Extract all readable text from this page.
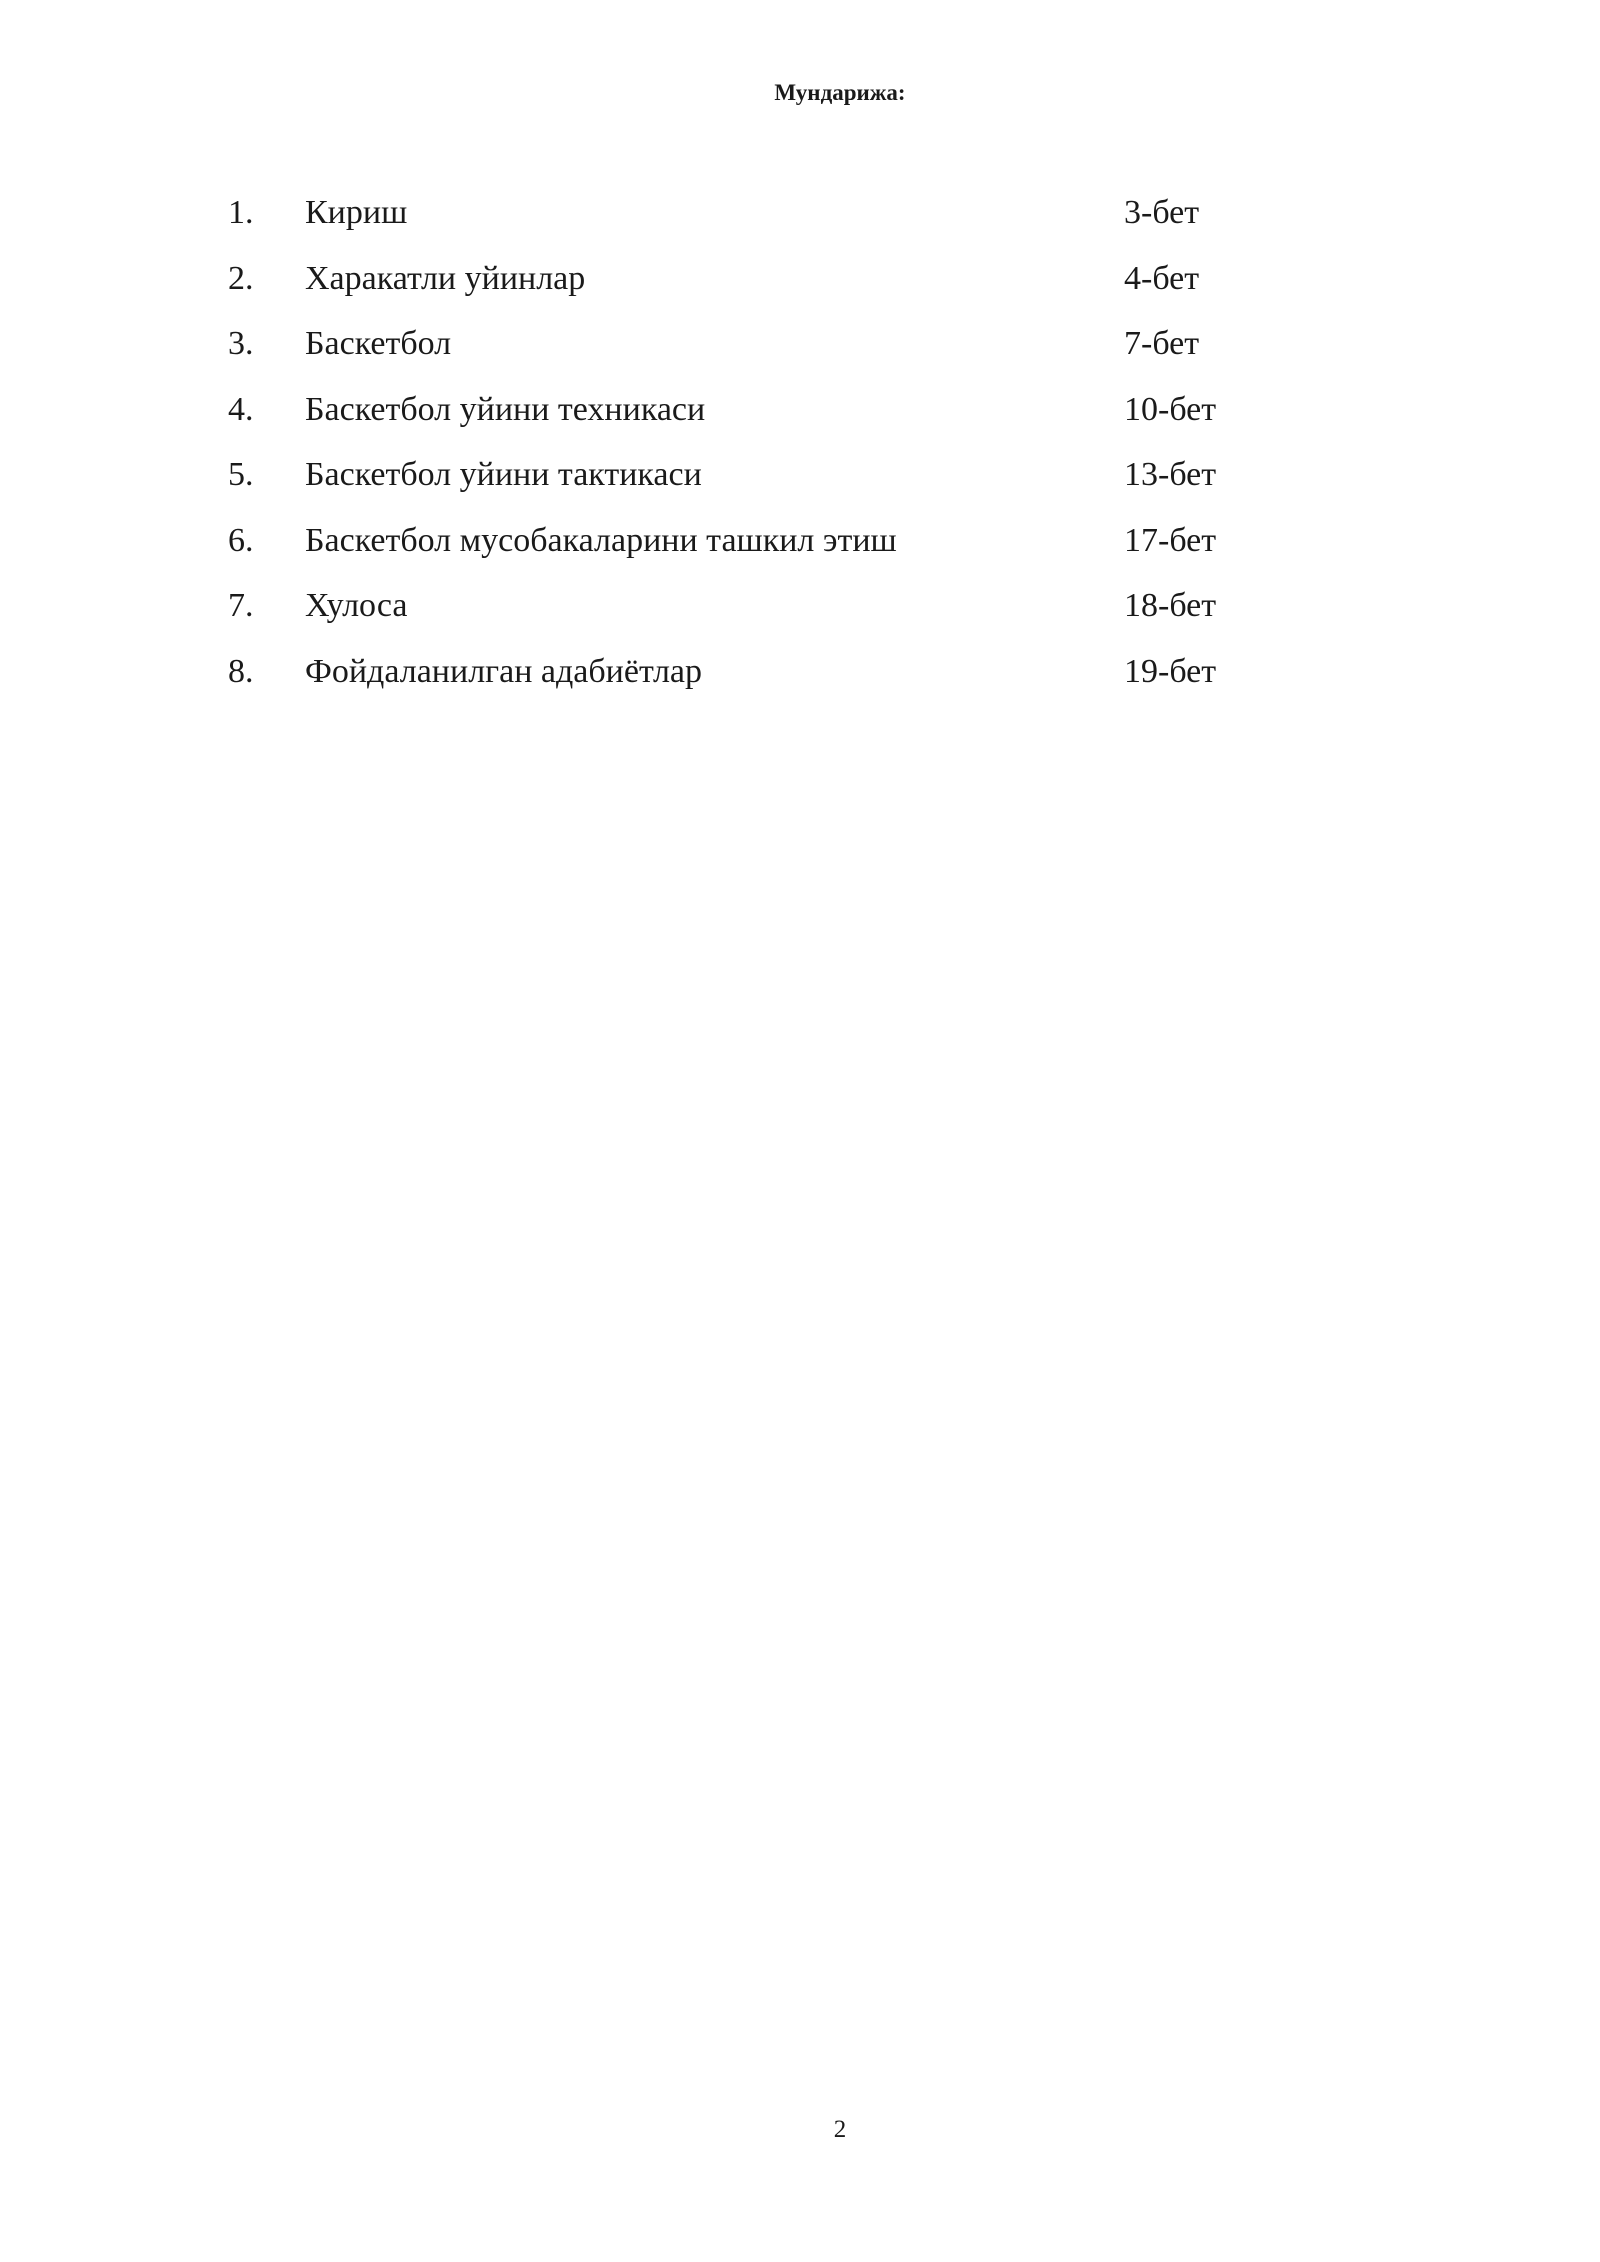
Мундарижа:
1. Кириш	3-бет
2. Харакатли уйинлар	4-бет
3. Баскетбол	7-бет
4. Баскетбол уйини техникаси	10-бет
5. Баскетбол уйини тактикаси	13-бет
6. Баскетбол мусобакаларини ташкил этиш	17-бет
7. Хулоса	18-бет
8. Фойдаланилган адабиётлар	19-бет
2
